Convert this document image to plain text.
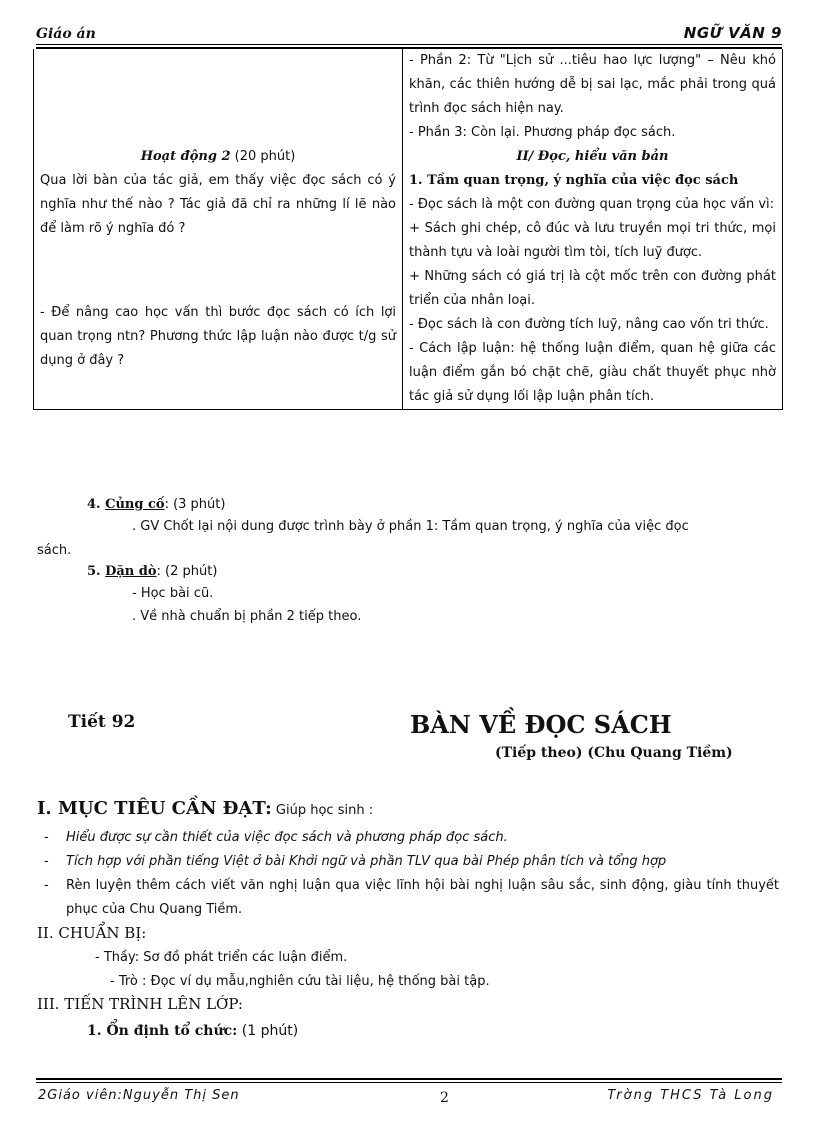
Giáo án	NGỮ VĂN 9
Hoạt động 2 (20 phút)
Qua lời bàn của tác giả, em thấy việc đọc sách có ý nghĩa như thế nào ? Tác giả đã chỉ ra những lí lẽ nào để làm rõ ý nghĩa đó ?
- Để nâng cao học vấn thì bước đọc sách có ích lợi quan trọng ntn? Phương thức lập luận nào được t/g sử dụng ở đây ?

- Phần 2: Từ "Lịch sử ...tiêu hao lực lượng" – Nêu khó khăn, các thiên hướng dễ bị sai lạc, mắc phải trong quá trình đọc sách hiện nay.
- Phần 3: Còn lại. Phương pháp đọc sách.
II/ Đọc, hiểu văn bản
1. Tầm quan trọng, ý nghĩa của việc đọc sách
- Đọc sách là một con đường quan trọng của học vấn vì:
+ Sách ghi chép, cô đúc và lưu truyền mọi tri thức, mọi thành tựu và loài người tìm tòi, tích luỹ được.
+ Những sách có giá trị là cột mốc trên con đường phát triển của nhân loại.
- Đọc sách là con đường tích luỹ, nâng cao vốn tri thức.
- Cách lập luận: hệ thống luận điểm, quan hệ giữa các luận điểm gắn bó chặt chẽ, giàu chất thuyết phục nhờ tác giả sử dụng lối lập luận phân tích.
4. Củng cố: (3 phút)
. GV Chốt lại nội dung được trình bày ở phần 1: Tầm quan trọng, ý nghĩa của việc đọc
sách.
5. Dặn dò: (2 phút)
- Học bài cũ.
. Về nhà chuẩn bị phần 2 tiếp theo.
Tiết 92	BÀN VỀ ĐỌC SÁCH
(Tiếp theo) (Chu Quang Tiềm)
I. MỤC TIÊU CẦN ĐẠT: Giúp học sinh :
- Hiểu được sự cần thiết của việc đọc sách và phương pháp đọc sách.
- Tích hợp với phần tiếng Việt ở bài Khởi ngữ và phần TLV qua bài Phép phân tích và tổng hợp
- Rèn luyện thêm cách viết văn nghị luận qua việc lĩnh hội bài nghị luận sâu sắc, sinh động, giàu tính thuyết phục của Chu Quang Tiềm.
II. CHUẨN BỊ:
- Thầy: Sơ đồ phát triển các luận điểm.
- Trò : Đọc ví dụ mẫu,nghiên cứu tài liệu, hệ thống bài tập.
III. TIẾN TRÌNH LÊN LỚP:
1. Ổn định tổ chức: (1 phút)
2Giáo viên:Nguyễn Thị Sen	2	Trờng THCS Tà Long
